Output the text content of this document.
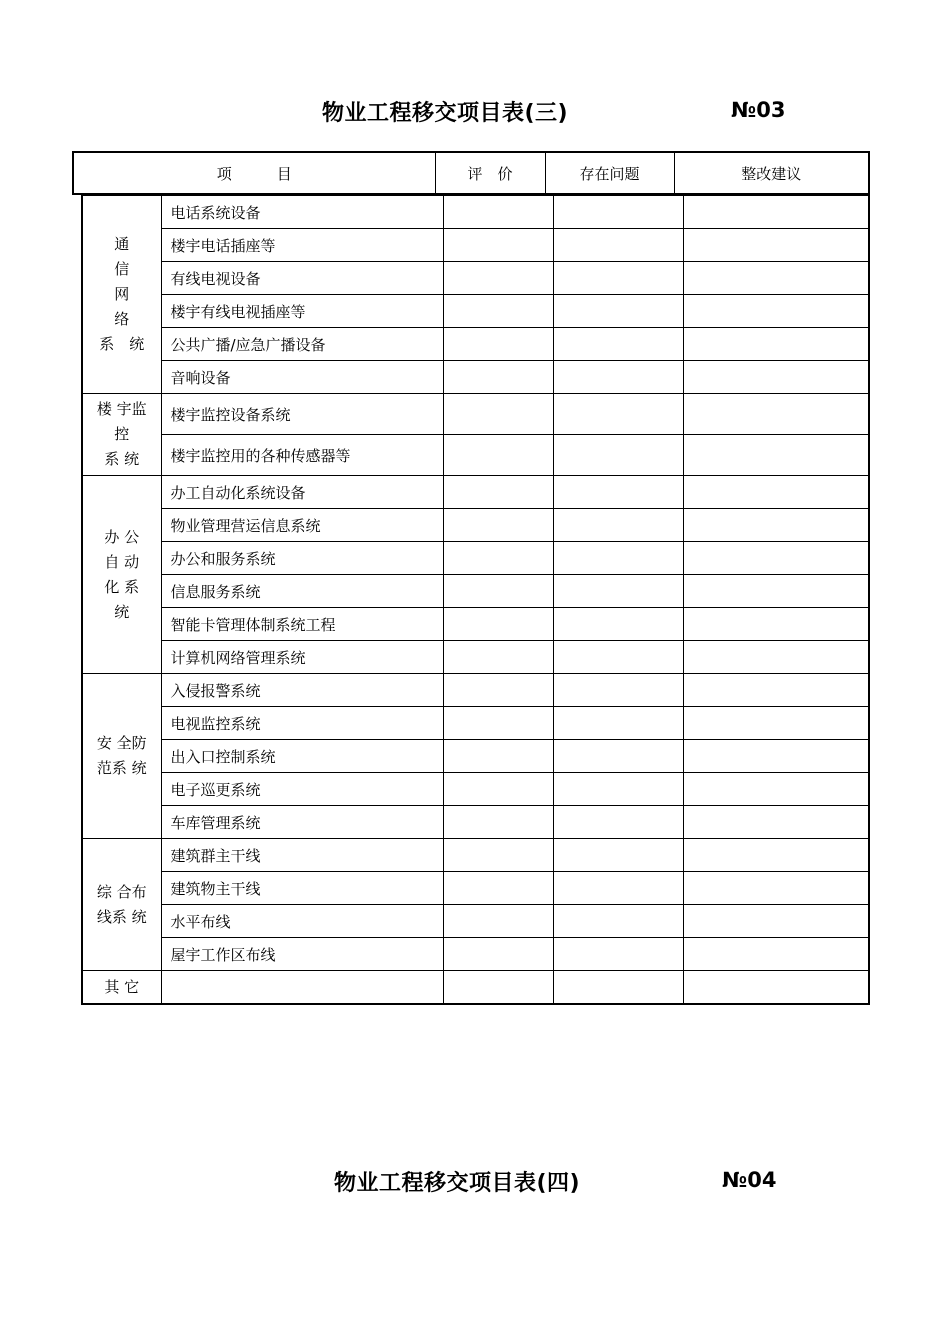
物业工程移交项目表(三)	№03
项　　　目	评　价	存在问题	整改建议
通
信
网
络
系　统	电话系统设备			
	楼宇电话插座等			
	有线电视设备			
	楼宇有线电视插座等			
	公共广播/应急广播设备			
	音响设备			

楼 宇监
控
系 统	楼宇监控设备系统			
	楼宇监控用的各种传感器等			

办 公
自 动
化 系
统	办工自动化系统设备			
	物业管理营运信息系统			
	办公和服务系统			
	信息服务系统			
	智能卡管理体制系统工程			
	计算机网络管理系统			

安 全防
范系 统	入侵报警系统			
	电视监控系统			
	出入口控制系统			
	电子巡更系统			
	车库管理系统			

综 合布
线系 统	建筑群主干线			
	建筑物主干线			
	水平布线			
	屋宇工作区布线			

其 它				

物业工程移交项目表(四)	№04
